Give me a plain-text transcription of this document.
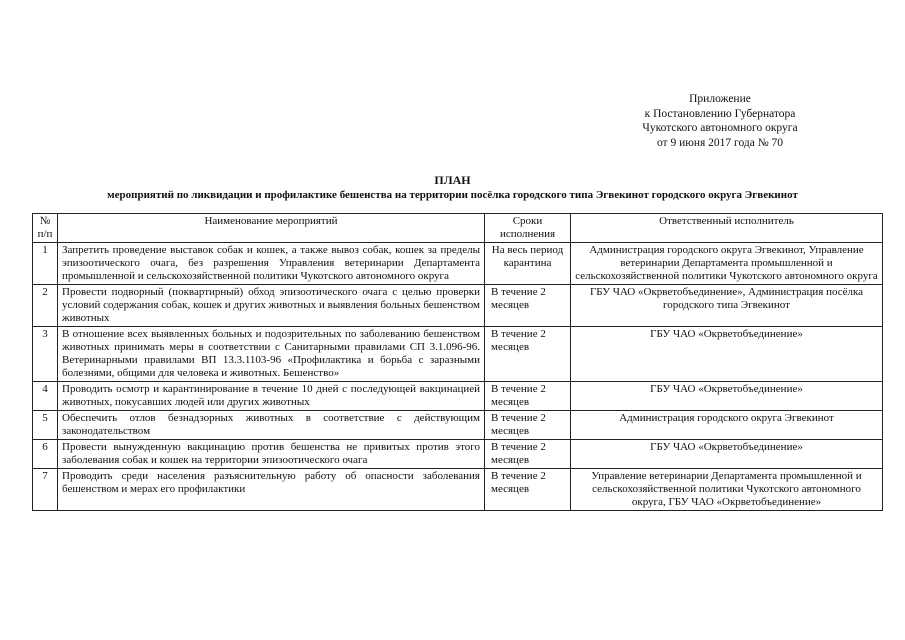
Приложение
к Постановлению Губернатора
Чукотского автономного округа
от 9 июня 2017 года № 70
ПЛАН
мероприятий по ликвидации и профилактике бешенства на территории посёлка городского типа Эгвекинот городского округа Эгвекинот
№ п/п	Наименование мероприятий	Сроки исполнения	Ответственный исполнитель
1	Запретить проведение выставок собак и кошек, а также вывоз собак, кошек за пределы эпизоотического очага, без разрешения Управления ветеринарии Департамента промышленной и сельскохозяйственной политики Чукотского автономного округа	На весь период карантина	Администрация городского округа Эгвекинот, Управление ветеринарии Департамента промышленной и сельскохозяйственной политики Чукотского автономного округа
2	Провести подворный (поквартирный) обход эпизоотического очага с целью проверки условий содержания собак, кошек и других животных и выявления больных бешенством животных	В течение 2 месяцев	ГБУ ЧАО «Окрветобъединение», Администрация посёлка городского типа Эгвекинот
3	В отношение всех выявленных больных и подозрительных по заболеванию бешенством животных принимать меры в соответствии с Санитарными правилами СП 3.1.096-96. Ветеринарными правилами ВП 13.3.1103-96 «Профилактика и борьба с заразными болезнями, общими для человека и животных. Бешенство»	В течение 2 месяцев	ГБУ ЧАО «Окрветобъединение»
4	Проводить осмотр и карантинирование в течение 10 дней с последующей вакцинацией животных, покусавших людей или других животных	В течение 2 месяцев	ГБУ ЧАО «Окрветобъединение»
5	Обеспечить отлов безнадзорных животных в соответствие с действующим законодательством	В течение 2 месяцев	Администрация городского округа Эгвекинот
6	Провести вынужденную вакцинацию против бешенства не привитых против этого заболевания собак и кошек на территории эпизоотического очага	В течение 2 месяцев	ГБУ ЧАО «Окрветобъединение»
7	Проводить среди населения разъяснительную работу об опасности заболевания бешенством и мерах его профилактики	В течение 2 месяцев	Управление ветеринарии Департамента промышленной и сельскохозяйственной политики Чукотского автономного округа, ГБУ ЧАО «Окрветобъединение»
